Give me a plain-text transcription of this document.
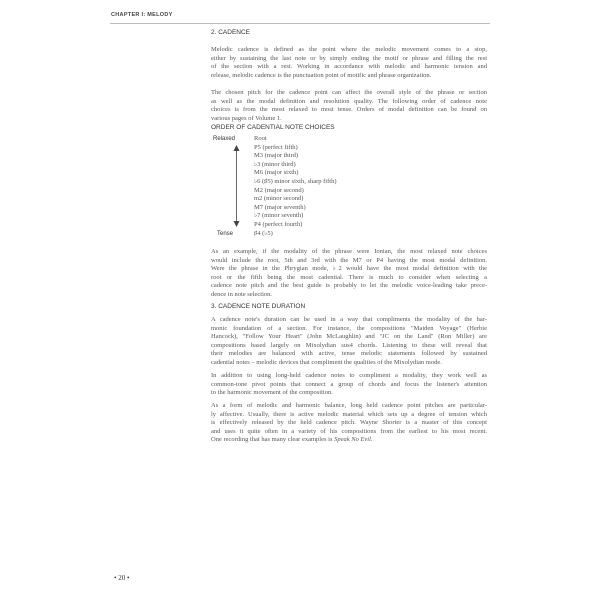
CHAPTER I: MELODY
2. CADENCE
Melodic cadence is defined as the point where the melodic movement comes to a stop,
either by sustaining the last note or by simply ending the motif or phrase and filling the rest
of the section with a rest. Working in accordance with melodic and harmonic tension and
release, melodic cadence is the punctuation point of motific and phrase organization.
The chosen pitch for the cadence point can affect the overall style of the phrase or section
as well as the modal definition and resolution quality. The following order of cadence note
choices is from the most relaxed to most tense. Orders of modal definition can be found on
various pages of Volume 1.
ORDER OF CADENTIAL NOTE CHOICES
Relaxed
Tense
Root
P5 (perfect fifth)
M3 (major third)
♭3 (minor third)
M6 (major sixth)
♭6 (♯5) minor sixth, sharp fifth)
M2 (major second)
m2 (minor second)
M7 (major seventh)
♭7 (minor seventh)
P4 (perfect fourth)
♯4 (♭5)
As an example, if the modality of the phrase were Ionian, the most relaxed note choices
would include the root, 5th and 3rd with the M7 or P4 having the most modal definition.
Were the phrase in the Phrygian mode, ♭2 would have the most modal definition with the
root or the fifth being the most cadential. There is much to consider when selecting a
cadence note pitch and the best guide is probably to let the melodic voice-leading take prece-
dence in note selection.
3. CADENCE NOTE DURATION
A cadence note's duration can be used in a way that compliments the modality of the har-
monic foundation of a section. For instance, the compositions "Maiden Voyage" (Herbie
Hancock), "Follow Your Heart" (John McLaughlin) and "JC on the Land" (Ron Miller) are
compositions based largely on Mixolydian sus4 chords. Listening to these will reveal that
their melodies are balanced with active, tense melodic statements followed by sustained
cadential notes – melodic devices that compliment the qualities of the Mixolydian mode.
In addition to using long-held cadence notes to compliment a modality, they work well as
common-tone pivot points that connect a group of chords and focus the listener's attention
to the harmonic movement of the composition.
As a form of melodic and harmonic balance, long held cadence point pitches are particular-
ly affective. Usually, there is active melodic material which sets up a degree of tension which
is effectively released by the held cadence pitch. Wayne Shorter is a master of this concept
and uses it quite often in a variety of his compositions from the earliest to his most recent.
One recording that has many clear examples is Speak No Evil.
• 20 •
